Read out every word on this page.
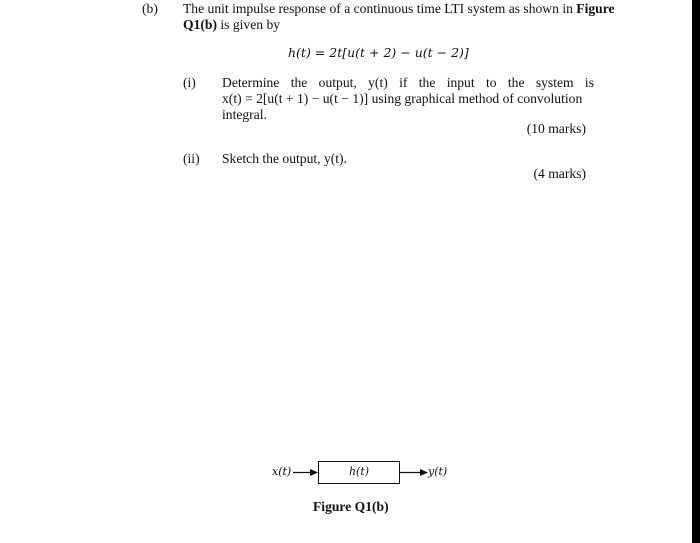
(b) The unit impulse response of a continuous time LTI system as shown in Figure
Q1(b) is given by
h(t) = 2t[u(t + 2) − u(t − 2)]
(i) Determine the output, y(t) if the input to the system is
x(t) = 2[u(t + 1) − u(t − 1)] using graphical method of convolution
integral.
(10 marks)
(ii) Sketch the output, y(t).
(4 marks)
x(t)	h(t)	y(t)
Figure Q1(b)
